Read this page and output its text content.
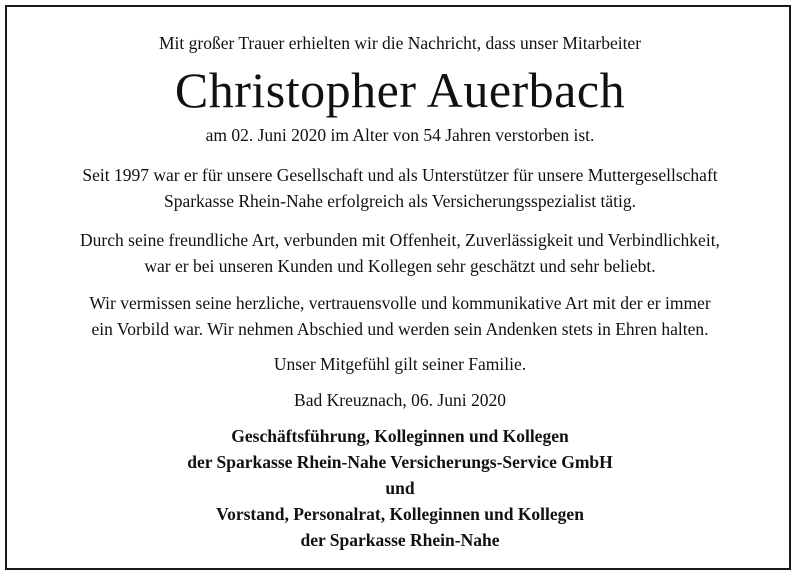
Mit großer Trauer erhielten wir die Nachricht, dass unser Mitarbeiter
Christopher Auerbach
am 02. Juni 2020 im Alter von 54 Jahren verstorben ist.
Seit 1997 war er für unsere Gesellschaft und als Unterstützer für unsere Muttergesellschaft
Sparkasse Rhein-Nahe erfolgreich als Versicherungsspezialist tätig.
Durch seine freundliche Art, verbunden mit Offenheit, Zuverlässigkeit und Verbindlichkeit,
war er bei unseren Kunden und Kollegen sehr geschätzt und sehr beliebt.
Wir vermissen seine herzliche, vertrauensvolle und kommunikative Art mit der er immer
ein Vorbild war. Wir nehmen Abschied und werden sein Andenken stets in Ehren halten.
Unser Mitgefühl gilt seiner Familie.
Bad Kreuznach, 06. Juni 2020
Geschäftsführung, Kolleginnen und Kollegen
der Sparkasse Rhein-Nahe Versicherungs-Service GmbH
und
Vorstand, Personalrat, Kolleginnen und Kollegen
der Sparkasse Rhein-Nahe
